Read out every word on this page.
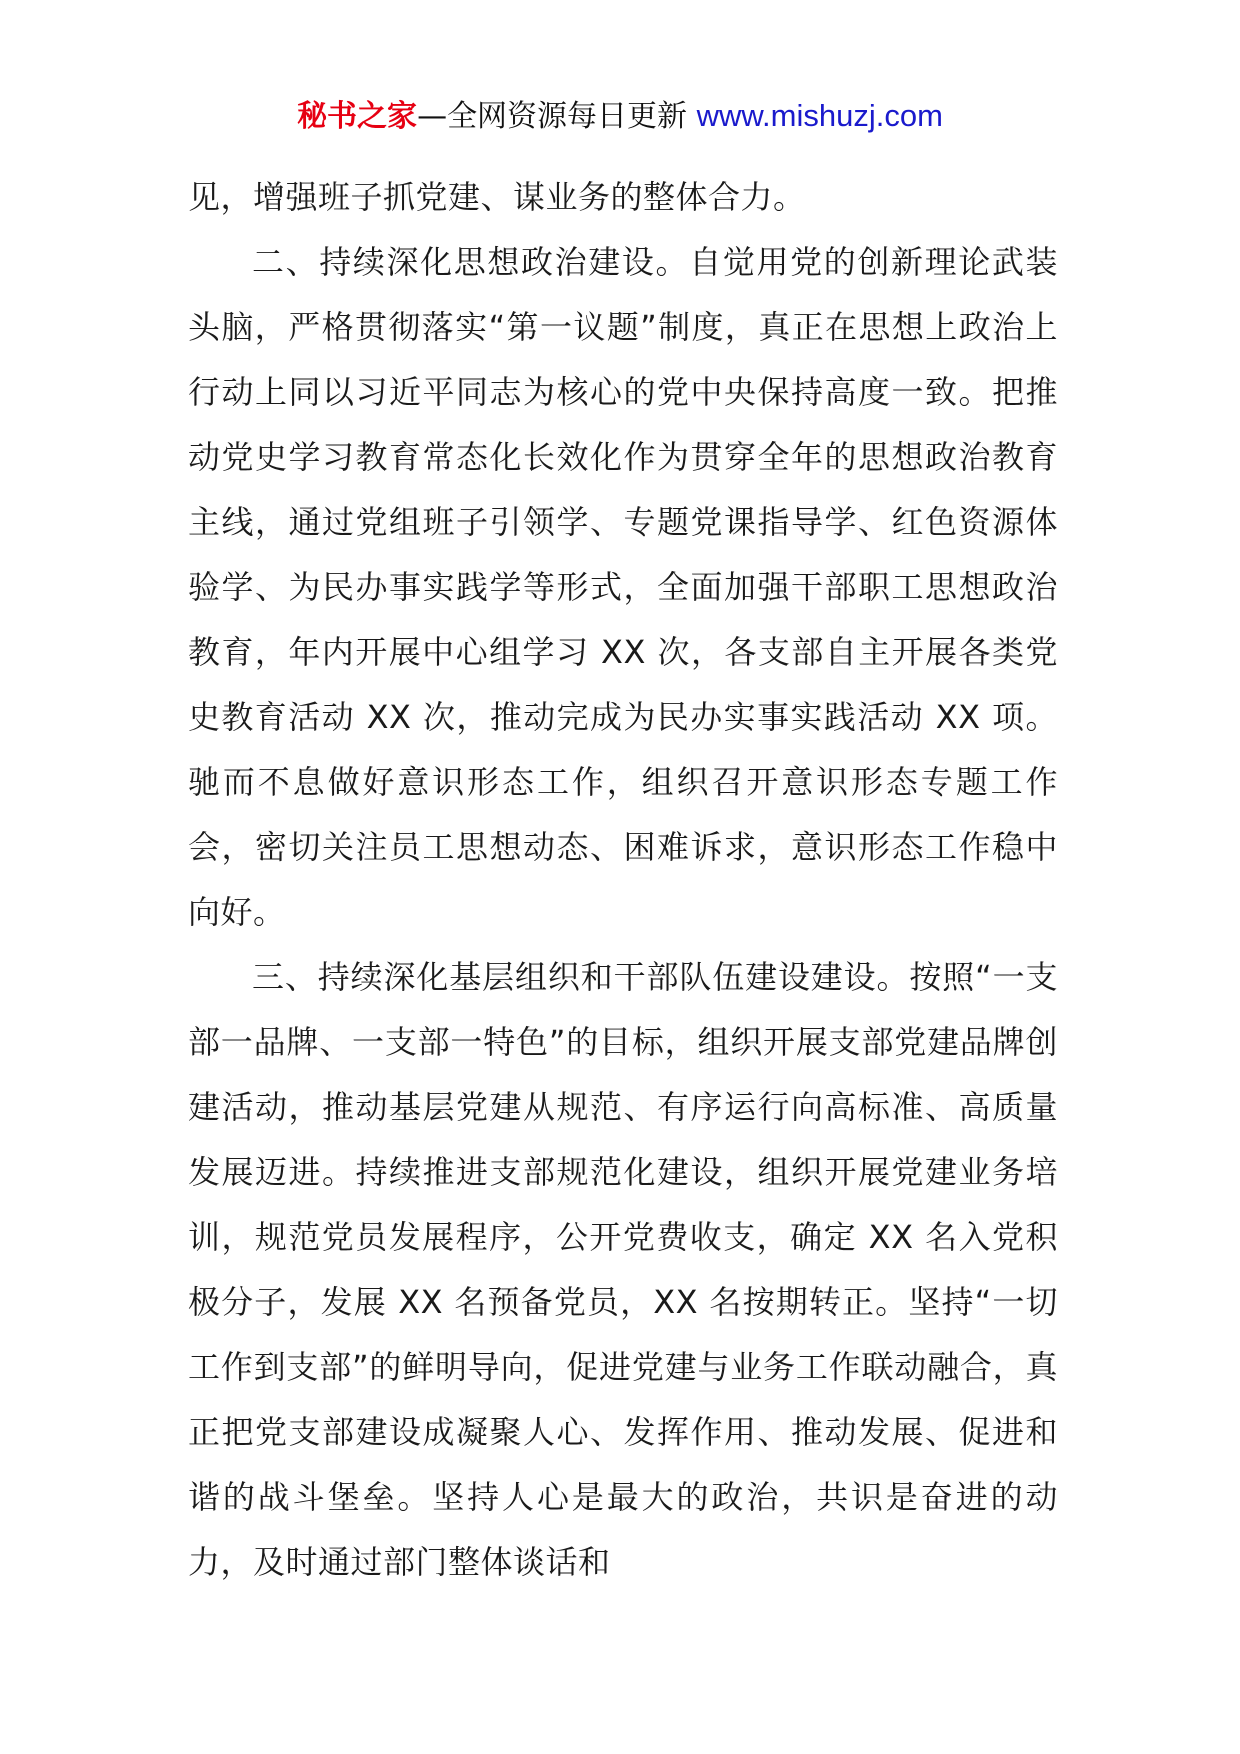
秘书之家—全网资源每日更新 www.mishuzj.com

见，增强班子抓党建、谋业务的整体合力。

二、持续深化思想政治建设。自觉用党的创新理论武装头脑，严格贯彻落实“第一议题”制度，真正在思想上政治上行动上同以习近平同志为核心的党中央保持高度一致。把推动党史学习教育常态化长效化作为贯穿全年的思想政治教育主线，通过党组班子引领学、专题党课指导学、红色资源体验学、为民办事实践学等形式，全面加强干部职工思想政治教育，年内开展中心组学习 XX 次，各支部自主开展各类党史教育活动 XX 次，推动完成为民办实事实践活动 XX 项。驰而不息做好意识形态工作，组织召开意识形态专题工作会，密切关注员工思想动态、困难诉求，意识形态工作稳中向好。

三、持续深化基层组织和干部队伍建设建设。按照“一支部一品牌、一支部一特色”的目标，组织开展支部党建品牌创建活动，推动基层党建从规范、有序运行向高标准、高质量发展迈进。持续推进支部规范化建设，组织开展党建业务培训，规范党员发展程序，公开党费收支，确定 XX 名入党积极分子，发展 XX 名预备党员，XX 名按期转正。坚持“一切工作到支部”的鲜明导向，促进党建与业务工作联动融合，真正把党支部建设成凝聚人心、发挥作用、推动发展、促进和谐的战斗堡垒。坚持人心是最大的政治，共识是奋进的动力，及时通过部门整体谈话和
